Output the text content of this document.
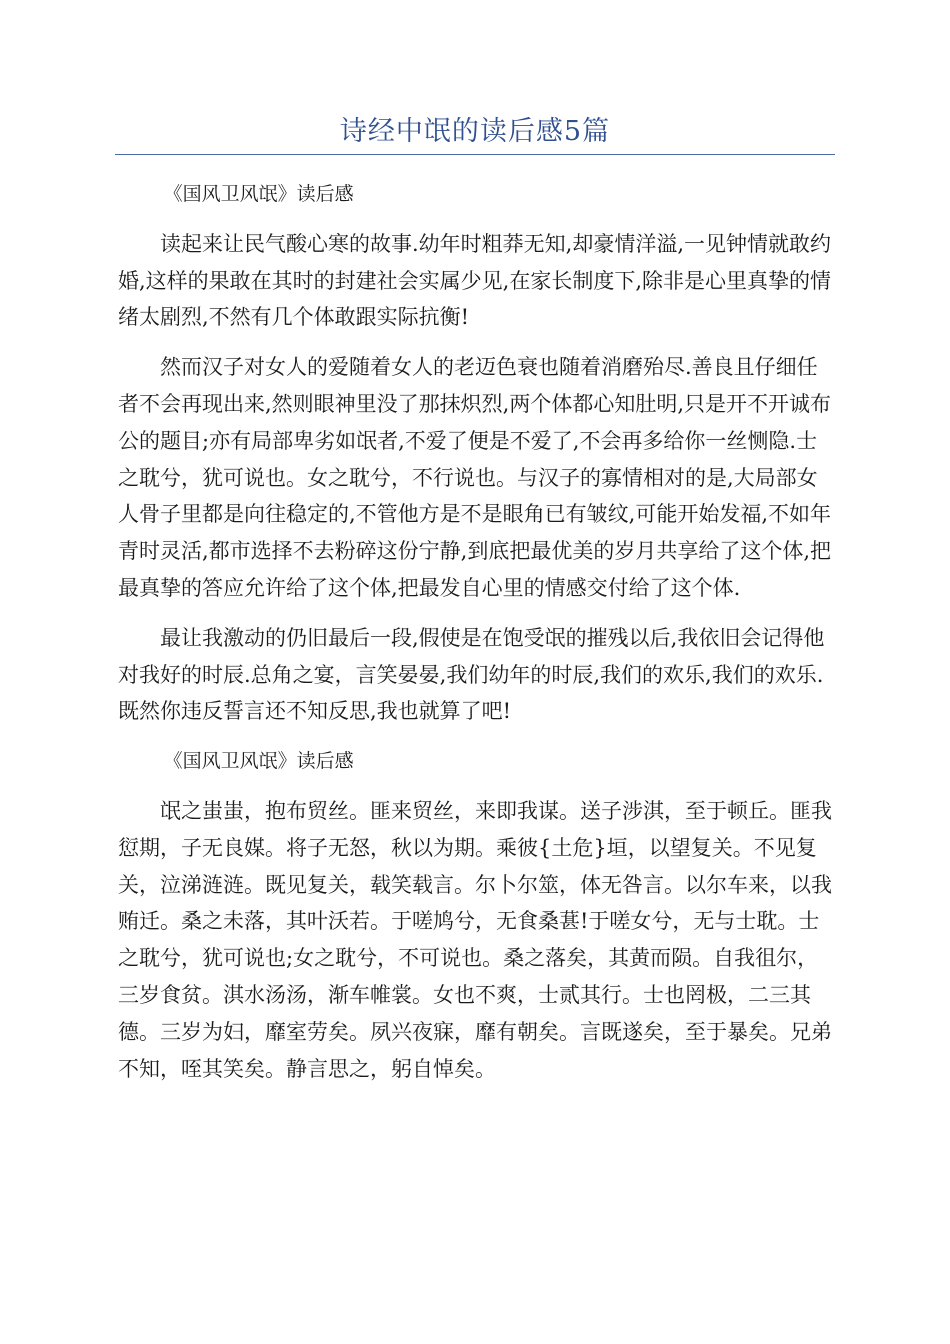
诗经中氓的读后感5篇

《国风卫风氓》读后感

读起来让民气酸心寒的故事.幼年时粗莽无知,却豪情洋溢,一见钟情就敢约婚,这样的果敢在其时的封建社会实属少见,在家长制度下,除非是心里真挚的情绪太剧烈,不然有几个体敢跟实际抗衡!

然而汉子对女人的爱随着女人的老迈色衰也随着消磨殆尽.善良且仔细任者不会再现出来,然则眼神里没了那抹炽烈,两个体都心知肚明,只是开不开诚布公的题目;亦有局部卑劣如氓者,不爱了便是不爱了,不会再多给你一丝恻隐.士之耽兮，犹可说也。女之耽兮，不行说也。与汉子的寡情相对的是,大局部女人骨子里都是向往稳定的,不管他方是不是眼角已有皱纹,可能开始发福,不如年青时灵活,都市选择不去粉碎这份宁静,到底把最优美的岁月共享给了这个体,把最真挚的答应允许给了这个体,把最发自心里的情感交付给了这个体.

最让我激动的仍旧最后一段,假使是在饱受氓的摧残以后,我依旧会记得他对我好的时辰.总角之宴，言笑晏晏,我们幼年的时辰,我们的欢乐,我们的欢乐.既然你违反誓言还不知反思,我也就算了吧!

《国风卫风氓》读后感

氓之蚩蚩，抱布贸丝。匪来贸丝，来即我谋。送子涉淇，至于顿丘。匪我愆期，子无良媒。将子无怒，秋以为期。乘彼{土危}垣，以望复关。不见复关，泣涕涟涟。既见复关，载笑载言。尔卜尔筮，体无咎言。以尔车来，以我贿迁。桑之未落，其叶沃若。于嗟鸠兮，无食桑葚!于嗟女兮，无与士耽。士之耽兮，犹可说也;女之耽兮，不可说也。桑之落矣，其黄而陨。自我徂尔，三岁食贫。淇水汤汤，渐车帷裳。女也不爽，士贰其行。士也罔极，二三其德。三岁为妇，靡室劳矣。夙兴夜寐，靡有朝矣。言既遂矣，至于暴矣。兄弟不知，咥其笑矣。静言思之，躬自悼矣。
